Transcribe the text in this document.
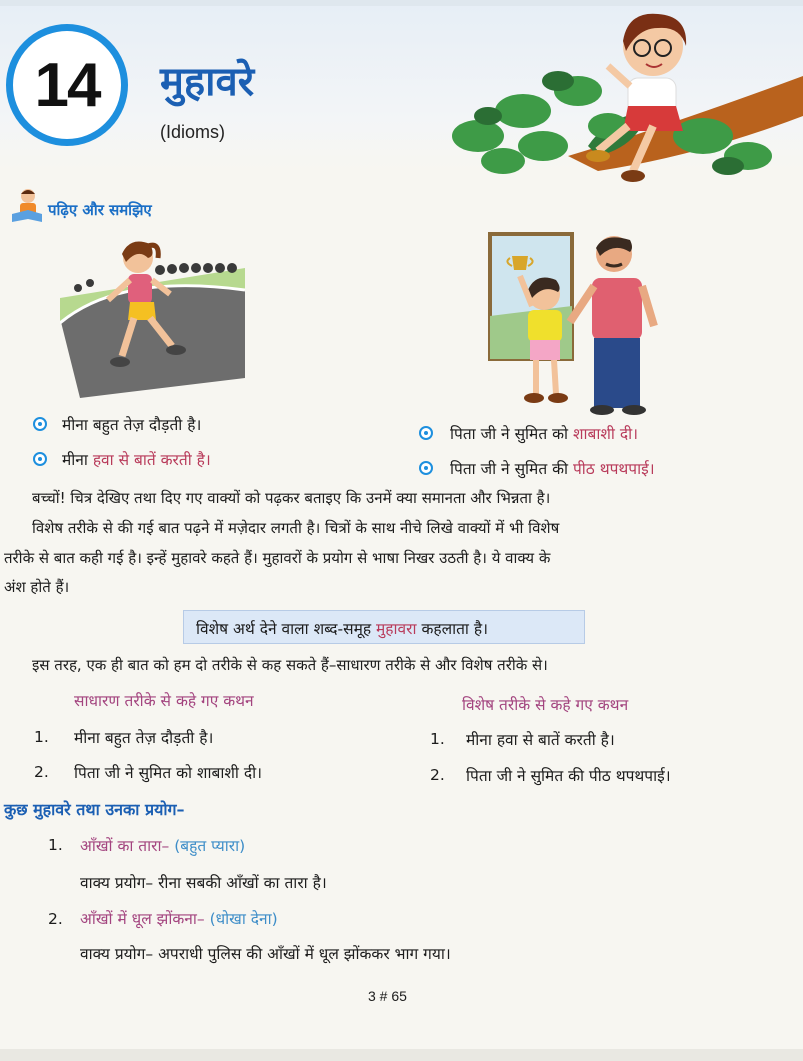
14 मुहावरे
(Idioms)
पढ़िए और समझिए
मीना बहुत तेज़ दौड़ती है।
मीना हवा से बातें करती है।
पिता जी ने सुमित को शाबाशी दी।
पिता जी ने सुमित की पीठ थपथपाई।
बच्चों! चित्र देखिए तथा दिए गए वाक्यों को पढ़कर बताइए कि उनमें क्या समानता और भिन्नता है।
विशेष तरीके से की गई बात पढ़ने में मज़ेदार लगती है। चित्रों के साथ नीचे लिखे वाक्यों में भी विशेष
तरीके से बात कही गई है। इन्हें मुहावरे कहते हैं। मुहावरों के प्रयोग से भाषा निखर उठती है। ये वाक्य के
अंश होते हैं।
विशेष अर्थ देने वाला शब्द-समूह मुहावरा कहलाता है।
इस तरह, एक ही बात को हम दो तरीके से कह सकते हैं–साधारण तरीके से और विशेष तरीके से।
साधारण तरीके से कहे गए कथन	विशेष तरीके से कहे गए कथन
1. मीना बहुत तेज़ दौड़ती है।
2. पिता जी ने सुमित को शाबाशी दी।
1. मीना हवा से बातें करती है।
2. पिता जी ने सुमित की पीठ थपथपाई।
कुछ मुहावरे तथा उनका प्रयोग–
1. आँखों का तारा– (बहुत प्यारा)
वाक्य प्रयोग– रीना सबकी आँखों का तारा है।
2. आँखों में धूल झोंकना– (धोखा देना)
वाक्य प्रयोग– अपराधी पुलिस की आँखों में धूल झोंककर भाग गया।
3 # 65
